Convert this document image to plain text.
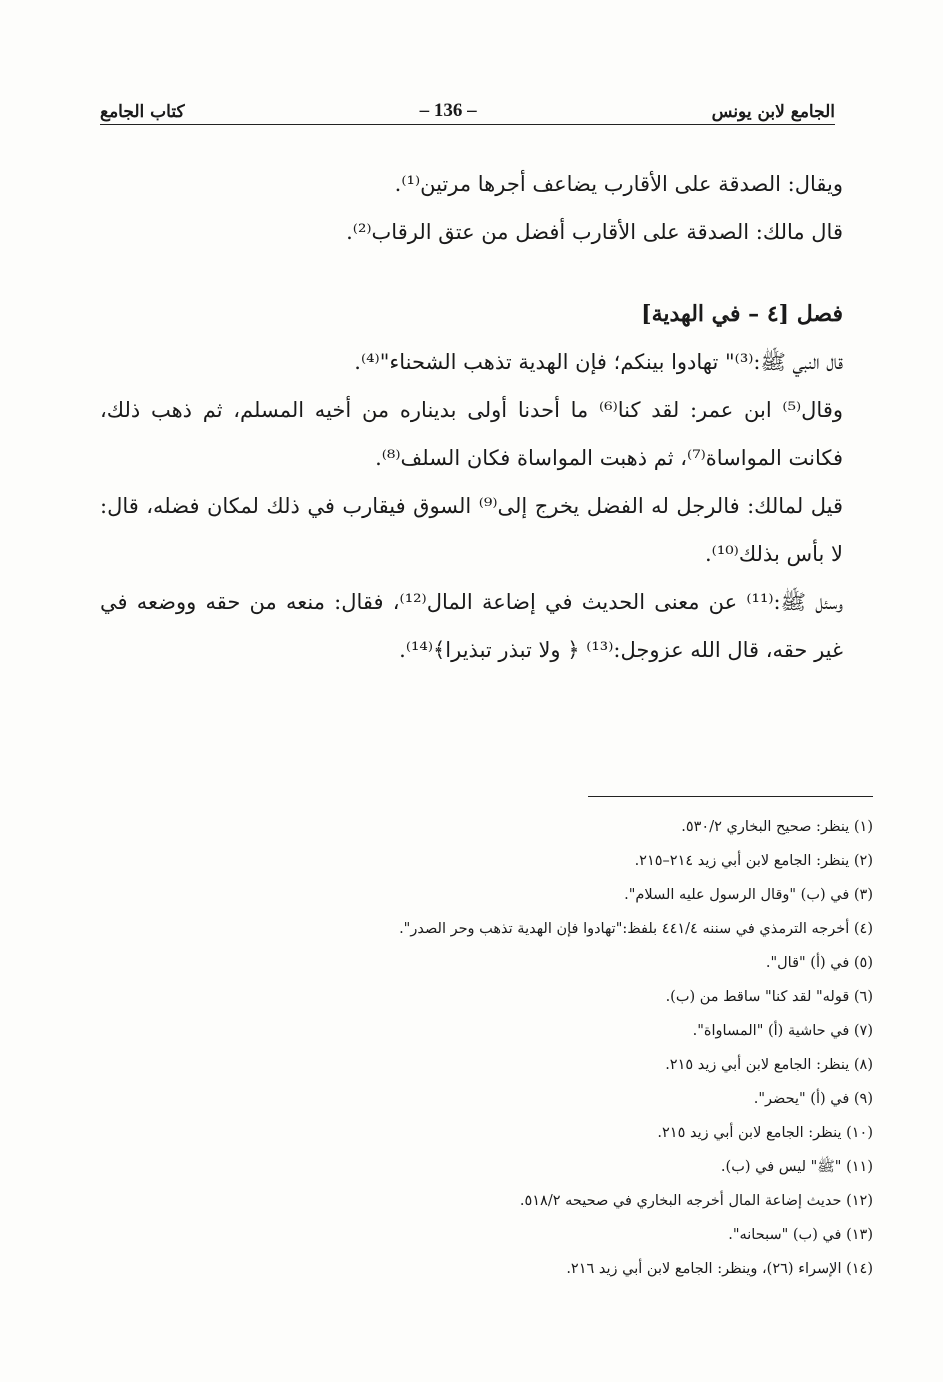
الجامع لابن يونس
– 136 –
كتاب الجامع

ويقال: الصدقة على الأقارب يضاعف أجرها مرتين⁽¹⁾.

قال مالك: الصدقة على الأقارب أفضل من عتق الرقاب⁽²⁾.

فصل [٤ – في الهدية]

قال النبي ﷺ:⁽³⁾" تهادوا بينكم؛ فإن الهدية تذهب الشحناء"⁽⁴⁾.

وقال⁽⁵⁾ ابن عمر: لقد كنا⁽⁶⁾ ما أحدنا أولى بديناره من أخيه المسلم، ثم ذهب ذلك، فكانت المواساة⁽⁷⁾، ثم ذهبت المواساة فكان السلف⁽⁸⁾.

قيل لمالك: فالرجل له الفضل يخرج إلى⁽⁹⁾ السوق فيقارب في ذلك لمكان فضله، قال: لا بأس بذلك⁽¹⁰⁾.

وسئل ﷺ:⁽¹¹⁾ عن معنى الحديث في إضاعة المال⁽¹²⁾، فقال: منعه من حقه ووضعه في غير حقه، قال الله عزوجل:⁽¹³⁾ ﴿ ولا تبذر تبذيرا﴾⁽¹⁴⁾.

(١) ينظر: صحيح البخاري ٥٣٠/٢.
(٢) ينظر: الجامع لابن أبي زيد ٢١٤–٢١٥.
(٣) في (ب) "وقال الرسول عليه السلام".
(٤) أخرجه الترمذي في سننه ٤٤١/٤ بلفظ:"تهادوا فإن الهدية تذهب وحر الصدر".
(٥) في (أ) "قال".
(٦) قوله" لقد كنا" ساقط من (ب).
(٧) في حاشية (أ) "المساواة".
(٨) ينظر: الجامع لابن أبي زيد ٢١٥.
(٩) في (أ) "يحضر".
(١٠) ينظر: الجامع لابن أبي زيد ٢١٥.
(١١) "ﷺ" ليس في (ب).
(١٢) حديث إضاعة المال أخرجه البخاري في صحيحه ٥١٨/٢.
(١٣) في (ب) "سبحانه".
(١٤) الإسراء (٢٦)، وينظر: الجامع لابن أبي زيد ٢١٦.
